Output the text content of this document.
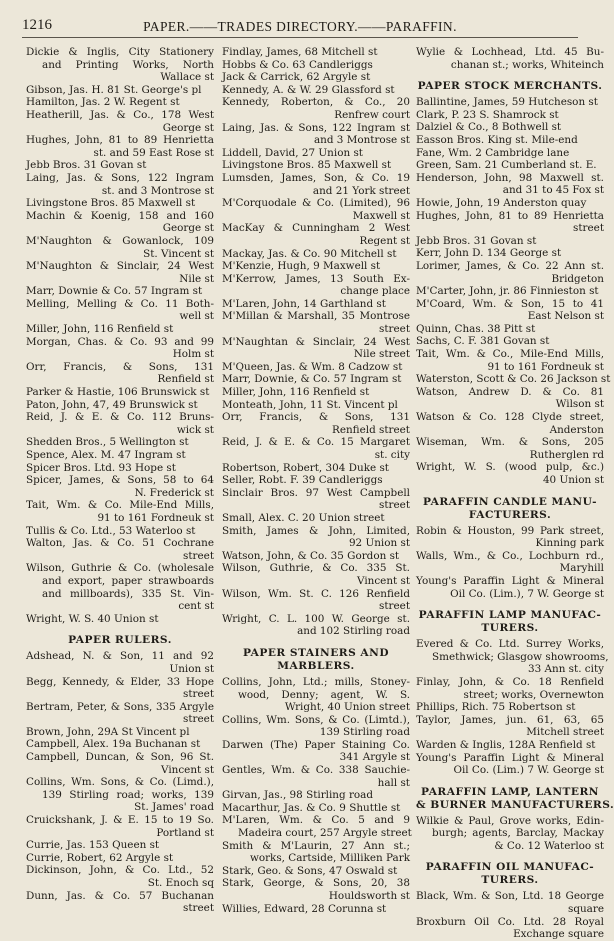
1216	PAPER.——TRADES DIRECTORY.——PARAFFIN.
Dickie & Inglis, City Stationery
and Printing Works, North
Wallace st
Gibson, Jas. H. 81 St. George's pl
Hamilton, Jas. 2 W. Regent st
Heatherill, Jas. & Co., 178 West
George st
Hughes, John, 81 to 89 Henrietta
st. and 59 East Rose st
Jebb Bros. 31 Govan st
Laing, Jas. & Sons, 122 Ingram
st. and 3 Montrose st
Livingstone Bros. 85 Maxwell st
Machin & Koenig, 158 and 160
George st
M'Naughton & Gowanlock, 109
St. Vincent st
M'Naughton & Sinclair, 24 West
Nile st
Marr, Downie & Co. 57 Ingram st
Melling, Melling & Co. 11 Both-
well st
Miller, John, 116 Renfield st
Morgan, Chas. & Co. 93 and 99
Holm st
Orr, Francis, & Sons, 131
Renfield st
Parker & Hastie, 106 Brunswick st
Paton, John, 47, 49 Brunswick st
Reid, J. & E. & Co. 112 Bruns-
wick st
Shedden Bros., 5 Wellington st
Spence, Alex. M. 47 Ingram st
Spicer Bros. Ltd. 93 Hope st
Spicer, James, & Sons, 58 to 64
N. Frederick st
Tait, Wm. & Co. Mile-End Mills,
91 to 161 Fordneuk st
Tullis & Co. Ltd., 53 Waterloo st
Walton, Jas. & Co. 51 Cochrane
street
Wilson, Guthrie & Co. (wholesale
and export, paper strawboards
and millboards), 335 St. Vin-
cent st
Wright, W. S. 40 Union st
PAPER RULERS.
Adshead, N. & Son, 11 and 92
Union st
Begg, Kennedy, & Elder, 33 Hope
street
Bertram, Peter, & Sons, 335 Argyle
street
Brown, John, 29A St Vincent pl
Campbell, Alex. 19a Buchanan st
Campbell, Duncan, & Son, 96 St.
Vincent st
Collins, Wm. Sons, & Co. (Limd.),
139 Stirling road; works, 139
St. James' road
Cruickshank, J. & E. 15 to 19 So.
Portland st
Currie, Jas. 153 Queen st
Currie, Robert, 62 Argyle st
Dickinson, John, & Co. Ltd., 52
St. Enoch sq
Dunn, Jas. & Co. 57 Buchanan
street
Findlay, James, 68 Mitchell st
Hobbs & Co. 63 Candleriggs
Jack & Carrick, 62 Argyle st
Kennedy, A. & W. 29 Glassford st
Kennedy, Roberton, & Co., 20
Renfrew court
Laing, Jas. & Sons, 122 Ingram st
and 3 Montrose st
Liddell, David, 27 Union st
Livingstone Bros. 85 Maxwell st
Lumsden, James, Son, & Co. 19
and 21 York street
M'Corquodale & Co. (Limited), 96
Maxwell st
MacKay & Cunningham 2 West
Regent st
Mackay, Jas. & Co. 90 Mitchell st
M'Kenzie, Hugh, 9 Maxwell st
M'Kerrow, James, 13 South Ex-
change place
M'Laren, John, 14 Garthland st
M'Millan & Marshall, 35 Montrose
street
M'Naughtan & Sinclair, 24 West
Nile street
M'Queen, Jas. & Wm. 8 Cadzow st
Marr, Downie, & Co. 57 Ingram st
Miller, John, 116 Renfield st
Monteath, John, 11 St. Vincent pl
Orr, Francis, & Sons, 131
Renfield street
Reid, J. & E. & Co. 15 Margaret
st. city
Robertson, Robert, 304 Duke st
Seller, Robt. F. 39 Candleriggs
Sinclair Bros. 97 West Campbell
street
Small, Alex. C. 20 Union street
Smith, James & John, Limited,
92 Union st
Watson, John, & Co. 35 Gordon st
Wilson, Guthrie, & Co. 335 St.
Vincent st
Wilson, Wm. St. C. 126 Renfield
street
Wright, C. L. 100 W. George st.
and 102 Stirling road
PAPER STAINERS AND
MARBLERS.
Collins, John, Ltd.; mills, Stoney-
wood, Denny; agent, W. S.
Wright, 40 Union street
Collins, Wm. Sons, & Co. (Limtd.),
139 Stirling road
Darwen (The) Paper Staining Co.
341 Argyle st
Gentles, Wm. & Co. 338 Sauchie-
hall st
Girvan, Jas., 98 Stirling road
Macarthur, Jas. & Co. 9 Shuttle st
M'Laren, Wm. & Co. 5 and 9
Madeira court, 257 Argyle street
Smith & M'Laurin, 27 Ann st.;
works, Cartside, Milliken Park
Stark, Geo. & Sons, 47 Oswald st
Stark, George, & Sons, 20, 38
Houldsworth st
Willies, Edward, 28 Corunna st
Wylie & Lochhead, Ltd. 45 Bu-
chanan st.; works, Whiteinch
PAPER STOCK MERCHANTS.
Ballintine, James, 59 Hutcheson st
Clark, P. 23 S. Shamrock st
Dalziel & Co., 8 Bothwell st
Easson Bros. King st. Mile-end
Fane, Wm. 2 Cambridge lane
Green, Sam. 21 Cumberland st. E.
Henderson, John, 98 Maxwell st.
and 31 to 45 Fox st
Howie, John, 19 Anderston quay
Hughes, John, 81 to 89 Henrietta
street
Jebb Bros. 31 Govan st
Kerr, John D. 134 George st
Lorimer, James, & Co. 22 Ann st.
Bridgeton
M'Carter, John, jr. 86 Finnieston st
M'Coard, Wm. & Son, 15 to 41
East Nelson st
Quinn, Chas. 38 Pitt st
Sachs, C. F. 381 Govan st
Tait, Wm. & Co., Mile-End Mills,
91 to 161 Fordneuk st
Waterston, Scott & Co. 26 Jackson st
Watson, Andrew D. & Co. 81
Wilson st
Watson & Co. 128 Clyde street,
Anderston
Wiseman, Wm. & Sons, 205
Rutherglen rd
Wright, W. S. (wood pulp, &c.)
40 Union st
PARAFFIN CANDLE MANU-
FACTURERS.
Robin & Houston, 99 Park street,
Kinning park
Walls, Wm., & Co., Lochburn rd.,
Maryhill
Young's Paraffin Light & Mineral
Oil Co. (Lim.), 7 W. George st
PARAFFIN LAMP MANUFAC-
TURERS.
Evered & Co. Ltd. Surrey Works,
Smethwick; Glasgow showrooms,
33 Ann st. city
Finlay, John, & Co. 18 Renfield
street; works, Overnewton
Phillips, Rich. 75 Robertson st
Taylor, James, jun. 61, 63, 65
Mitchell street
Warden & Inglis, 128A Renfield st
Young's Paraffin Light & Mineral
Oil Co. (Lim.) 7 W. George st
PARAFFIN LAMP, LANTERN
& BURNER MANUFACTURERS.
Wilkie & Paul, Grove works, Edin-
burgh; agents, Barclay, Mackay
& Co. 12 Waterloo st
PARAFFIN OIL MANUFAC-
TURERS.
Black, Wm. & Son, Ltd. 18 George
square
Broxburn Oil Co. Ltd. 28 Royal
Exchange square
